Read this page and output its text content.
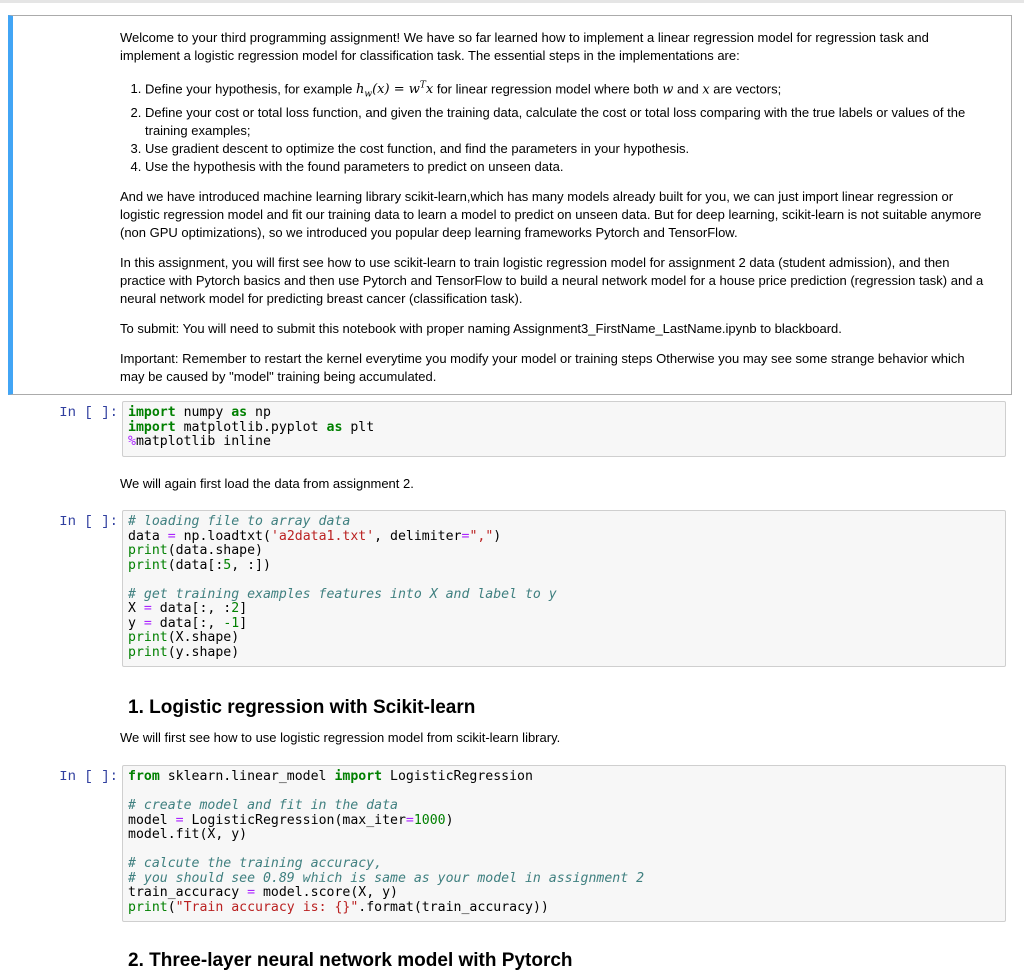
Welcome to your third programming assignment! We have so far learned how to implement a linear regression model for regression task and implement a logistic regression model for classification task. The essential steps in the implementations are:

1. Define your hypothesis, for example $h_w(x) = w^Tx$ for linear regression model where both w and x are vectors;
2. Define your cost or total loss function, and given the training data, calculate the cost or total loss comparing with the true labels or values of the training examples;
3. Use gradient descent to optimize the cost function, and find the parameters in your hypothesis.
4. Use the hypothesis with the found parameters to predict on unseen data.

And we have introduced machine learning library scikit-learn,which has many models already built for you, we can just import linear regression or logistic regression model and fit our training data to learn a model to predict on unseen data. But for deep learning, scikit-learn is not suitable anymore (non GPU optimizations), so we introduced you popular deep learning frameworks Pytorch and TensorFlow.

In this assignment, you will first see how to use scikit-learn to train logistic regression model for assignment 2 data (student admission), and then practice with Pytorch basics and then use Pytorch and TensorFlow to build a neural network model for a house price prediction (regression task) and a neural network model for predicting breast cancer (classification task).

To submit: You will need to submit this notebook with proper naming Assignment3_FirstName_LastName.ipynb to blackboard.

Important: Remember to restart the kernel everytime you modify your model or training steps Otherwise you may see some strange behavior which may be caused by "model" training being accumulated.

In [ ]: import numpy as np
import matplotlib.pyplot as plt
%matplotlib inline
We will again first load the data from assignment 2.
In [ ]: # loading file to array data
data = np.loadtxt('a2data1.txt', delimiter=",")
print(data.shape)
print(data[:5, :])

# get training examples features into X and label to y
X = data[:, :2]
y = data[:, -1]
print(X.shape)
print(y.shape)
1. Logistic regression with Scikit-learn
We will first see how to use logistic regression model from scikit-learn library.
In [ ]: from sklearn.linear_model import LogisticRegression

# create model and fit in the data
model = LogisticRegression(max_iter=1000)
model.fit(X, y)

# calcute the training accuracy,
# you should see 0.89 which is same as your model in assignment 2
train_accuracy = model.score(X, y)
print("Train accuracy is: {}".format(train_accuracy))
2. Three-layer neural network model with Pytorch
